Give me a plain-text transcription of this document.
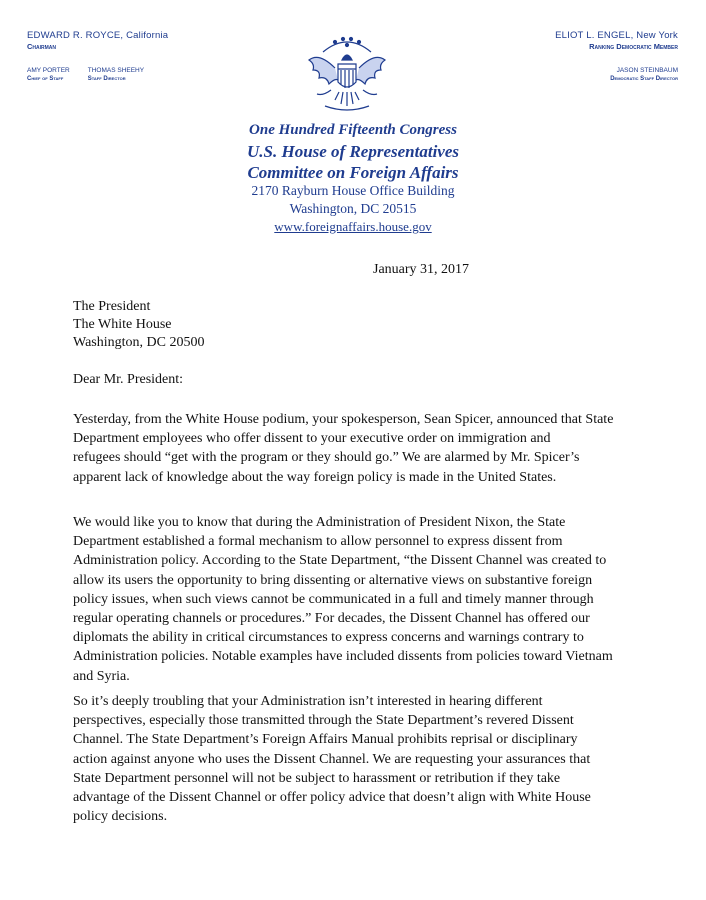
EDWARD R. ROYCE, California
Chairman
AMY PORTER
Chief of Staff
THOMAS SHEEHY
Staff Director
ELIOT L. ENGEL, New York
Ranking Democratic Member
JASON STEINBAUM
Democratic Staff Director
One Hundred Fifteenth Congress
U.S. House of Representatives
Committee on Foreign Affairs
2170 Rayburn House Office Building
Washington, DC 20515
www.foreignaffairs.house.gov
January 31, 2017
The President
The White House
Washington, DC 20500
Dear Mr. President:
Yesterday, from the White House podium, your spokesperson, Sean Spicer, announced that State
Department employees who offer dissent to your executive order on immigration and
refugees should “get with the program or they should go.” We are alarmed by Mr. Spicer’s
apparent lack of knowledge about the way foreign policy is made in the United States.
We would like you to know that during the Administration of President Nixon, the State
Department established a formal mechanism to allow personnel to express dissent from
Administration policy. According to the State Department, “the Dissent Channel was created to
allow its users the opportunity to bring dissenting or alternative views on substantive foreign
policy issues, when such views cannot be communicated in a full and timely manner through
regular operating channels or procedures.” For decades, the Dissent Channel has offered our
diplomats the ability in critical circumstances to express concerns and warnings contrary to
Administration policies. Notable examples have included dissents from policies toward Vietnam
and Syria.
So it’s deeply troubling that your Administration isn’t interested in hearing different
perspectives, especially those transmitted through the State Department’s revered Dissent
Channel. The State Department’s Foreign Affairs Manual prohibits reprisal or disciplinary
action against anyone who uses the Dissent Channel. We are requesting your assurances that
State Department personnel will not be subject to harassment or retribution if they take
advantage of the Dissent Channel or offer policy advice that doesn’t align with White House
policy decisions.
